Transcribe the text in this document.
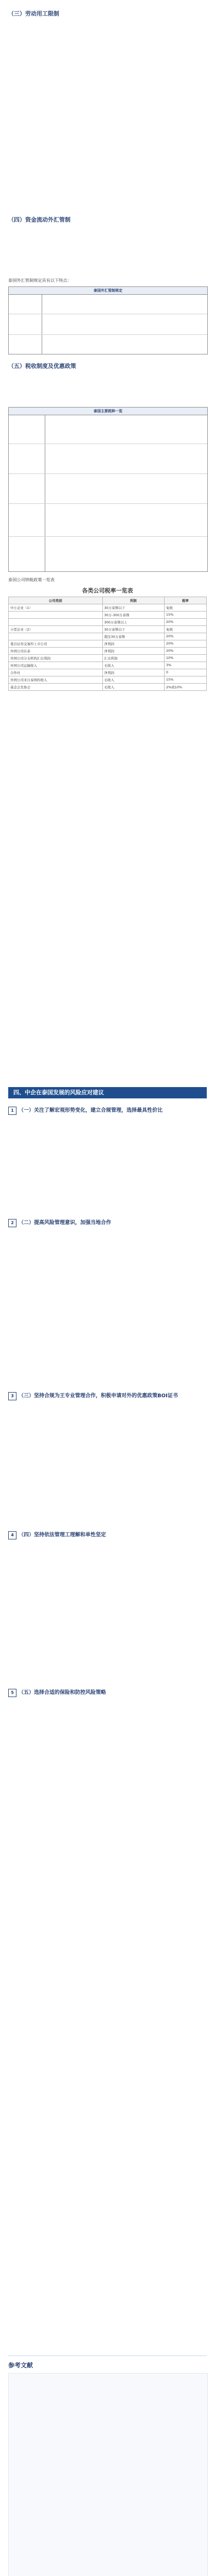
（三）劳动用工限制
（四）资金流动外汇管制
泰国外汇管制规定具有以下特点：
泰国外汇管制规定
（五）税收制度及优惠政策
泰国主要税种一览
泰国公司纳税政策一览表
各类公司税率一览表
公司类别	利润	税率
中小企业（1）	30万泰铢以下	免税
	30万-300万泰铢	15%
	300万泰铢以上	20%
小型企业（2）	30万泰铢以下	免税
	超过30万泰铢	20%
曼谷证券交易所上市公司	净利润	20%
外国公司在泰	净利润	20%
外国公司分支机构汇出利润	汇出利润	10%
外国公司运输收入	毛收入	3%
合作社	净利润	0
外国公司来自泰国的收入	毛收入	15%
基金会及协会	毛收入	2%或10%
四、中企在泰国发展的风险应对建议
1 （一）关注了解宏观形势变化，建立合规管理，选择最具性价比
2 （二）提高风险管理意识，加强当地合作
3 （三）坚持合规为王专业管理合作，积极申请对外的优惠政策BOI证书
4 （四）坚持依法管理工理解和单性坚定
5 （五）选择合适的保险和防控风险策略
参考文献
